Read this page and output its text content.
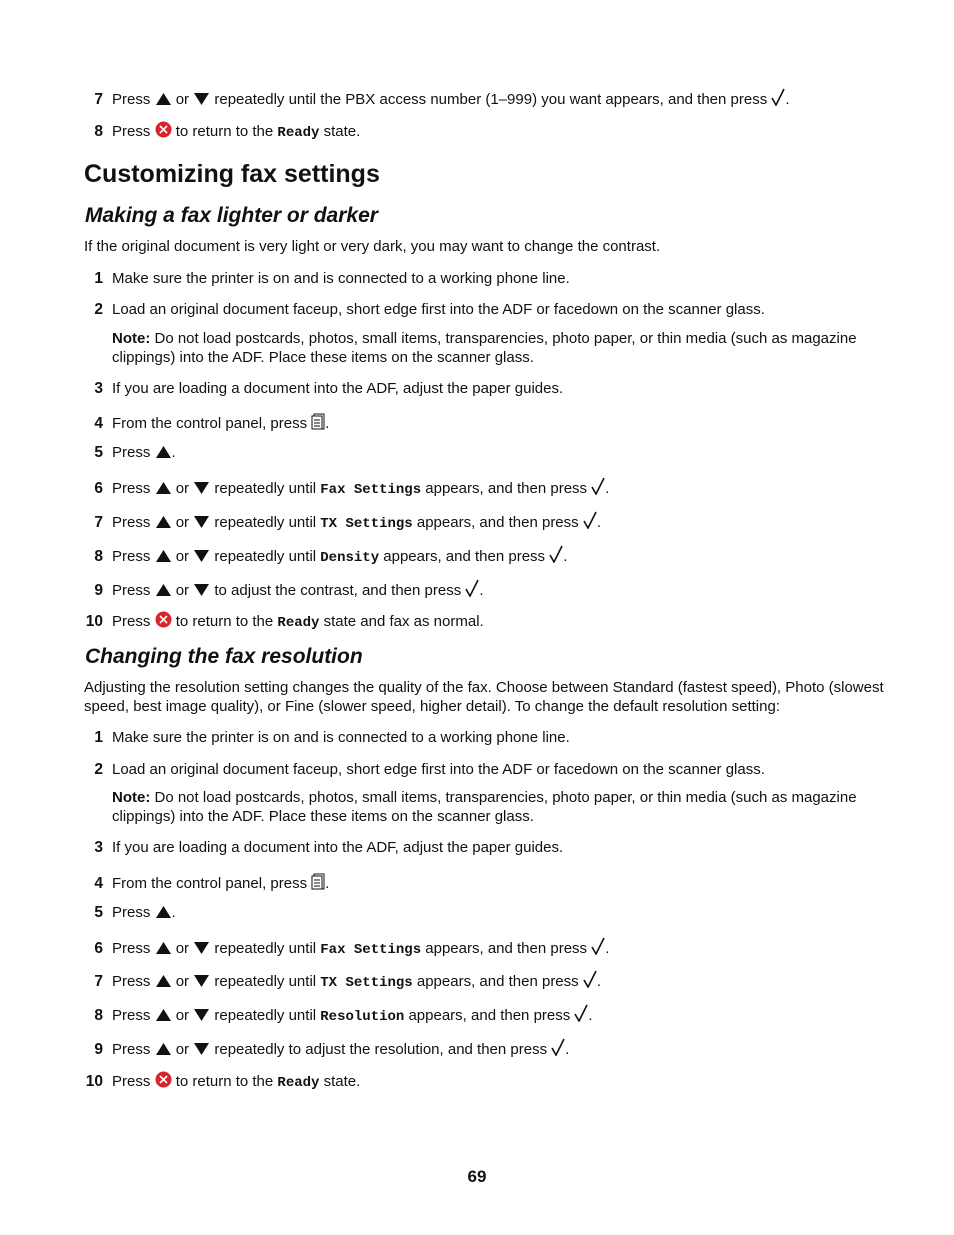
7 Press or repeatedly until the PBX access number (1–999) you want appears, and then press .
8 Press to return to the Ready state.
Customizing fax settings
Making a fax lighter or darker
If the original document is very light or very dark, you may want to change the contrast.
1 Make sure the printer is on and is connected to a working phone line.
2 Load an original document faceup, short edge first into the ADF or facedown on the scanner glass.
Note: Do not load postcards, photos, small items, transparencies, photo paper, or thin media (such as magazine clippings) into the ADF. Place these items on the scanner glass.
3 If you are loading a document into the ADF, adjust the paper guides.
4 From the control panel, press .
5 Press .
6 Press or repeatedly until Fax Settings appears, and then press .
7 Press or repeatedly until TX Settings appears, and then press .
8 Press or repeatedly until Density appears, and then press .
9 Press or to adjust the contrast, and then press .
10 Press to return to the Ready state and fax as normal.
Changing the fax resolution
Adjusting the resolution setting changes the quality of the fax. Choose between Standard (fastest speed), Photo (slowest speed, best image quality), or Fine (slower speed, higher detail). To change the default resolution setting:
1 Make sure the printer is on and is connected to a working phone line.
2 Load an original document faceup, short edge first into the ADF or facedown on the scanner glass.
Note: Do not load postcards, photos, small items, transparencies, photo paper, or thin media (such as magazine clippings) into the ADF. Place these items on the scanner glass.
3 If you are loading a document into the ADF, adjust the paper guides.
4 From the control panel, press .
5 Press .
6 Press or repeatedly until Fax Settings appears, and then press .
7 Press or repeatedly until TX Settings appears, and then press .
8 Press or repeatedly until Resolution appears, and then press .
9 Press or repeatedly to adjust the resolution, and then press .
10 Press to return to the Ready state.
69
